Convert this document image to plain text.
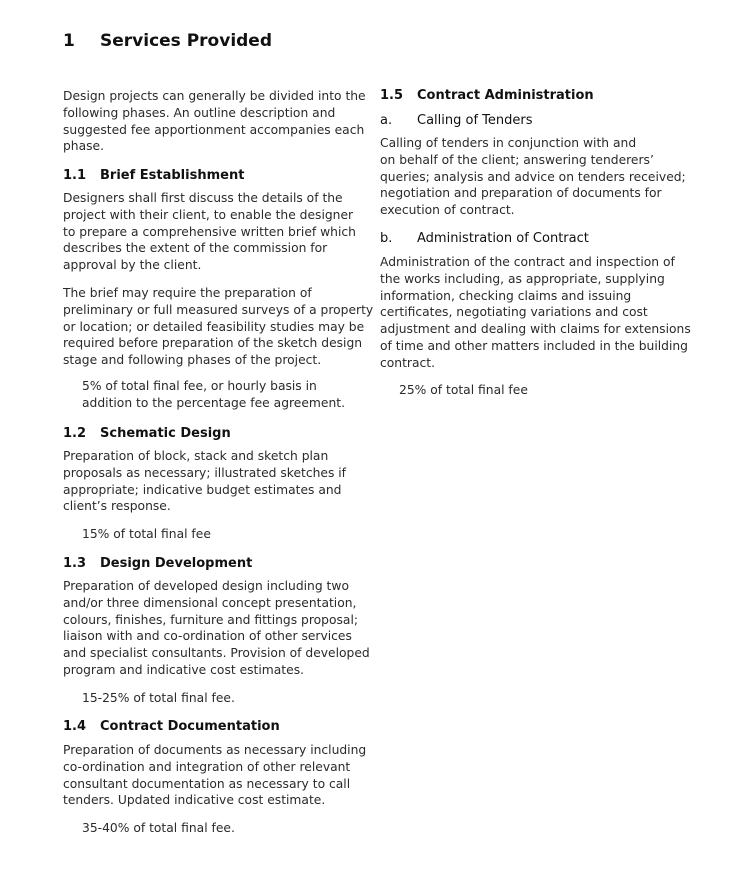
1 Services Provided
Design projects can generally be divided into the
following phases. An outline description and
suggested fee apportionment accompanies each
phase.
1.1 Brief Establishment
Designers shall first discuss the details of the
project with their client, to enable the designer
to prepare a comprehensive written brief which
describes the extent of the commission for
approval by the client.
The brief may require the preparation of
preliminary or full measured surveys of a property
or location; or detailed feasibility studies may be
required before preparation of the sketch design
stage and following phases of the project.
5% of total final fee, or hourly basis in
addition to the percentage fee agreement.
1.2 Schematic Design
Preparation of block, stack and sketch plan
proposals as necessary; illustrated sketches if
appropriate; indicative budget estimates and
client’s response.
15% of total final fee
1.3 Design Development
Preparation of developed design including two
and/or three dimensional concept presentation,
colours, finishes, furniture and fittings proposal;
liaison with and co-ordination of other services
and specialist consultants. Provision of developed
program and indicative cost estimates.
15-25% of total final fee.
1.4 Contract Documentation
Preparation of documents as necessary including
co-ordination and integration of other relevant
consultant documentation as necessary to call
tenders. Updated indicative cost estimate.
35-40% of total final fee.
1.5 Contract Administration
a. Calling of Tenders
Calling of tenders in conjunction with and
on behalf of the client; answering tenderers’
queries; analysis and advice on tenders received;
negotiation and preparation of documents for
execution of contract.
b. Administration of Contract
Administration of the contract and inspection of
the works including, as appropriate, supplying
information, checking claims and issuing
certificates, negotiating variations and cost
adjustment and dealing with claims for extensions
of time and other matters included in the building
contract.
25% of total final fee
